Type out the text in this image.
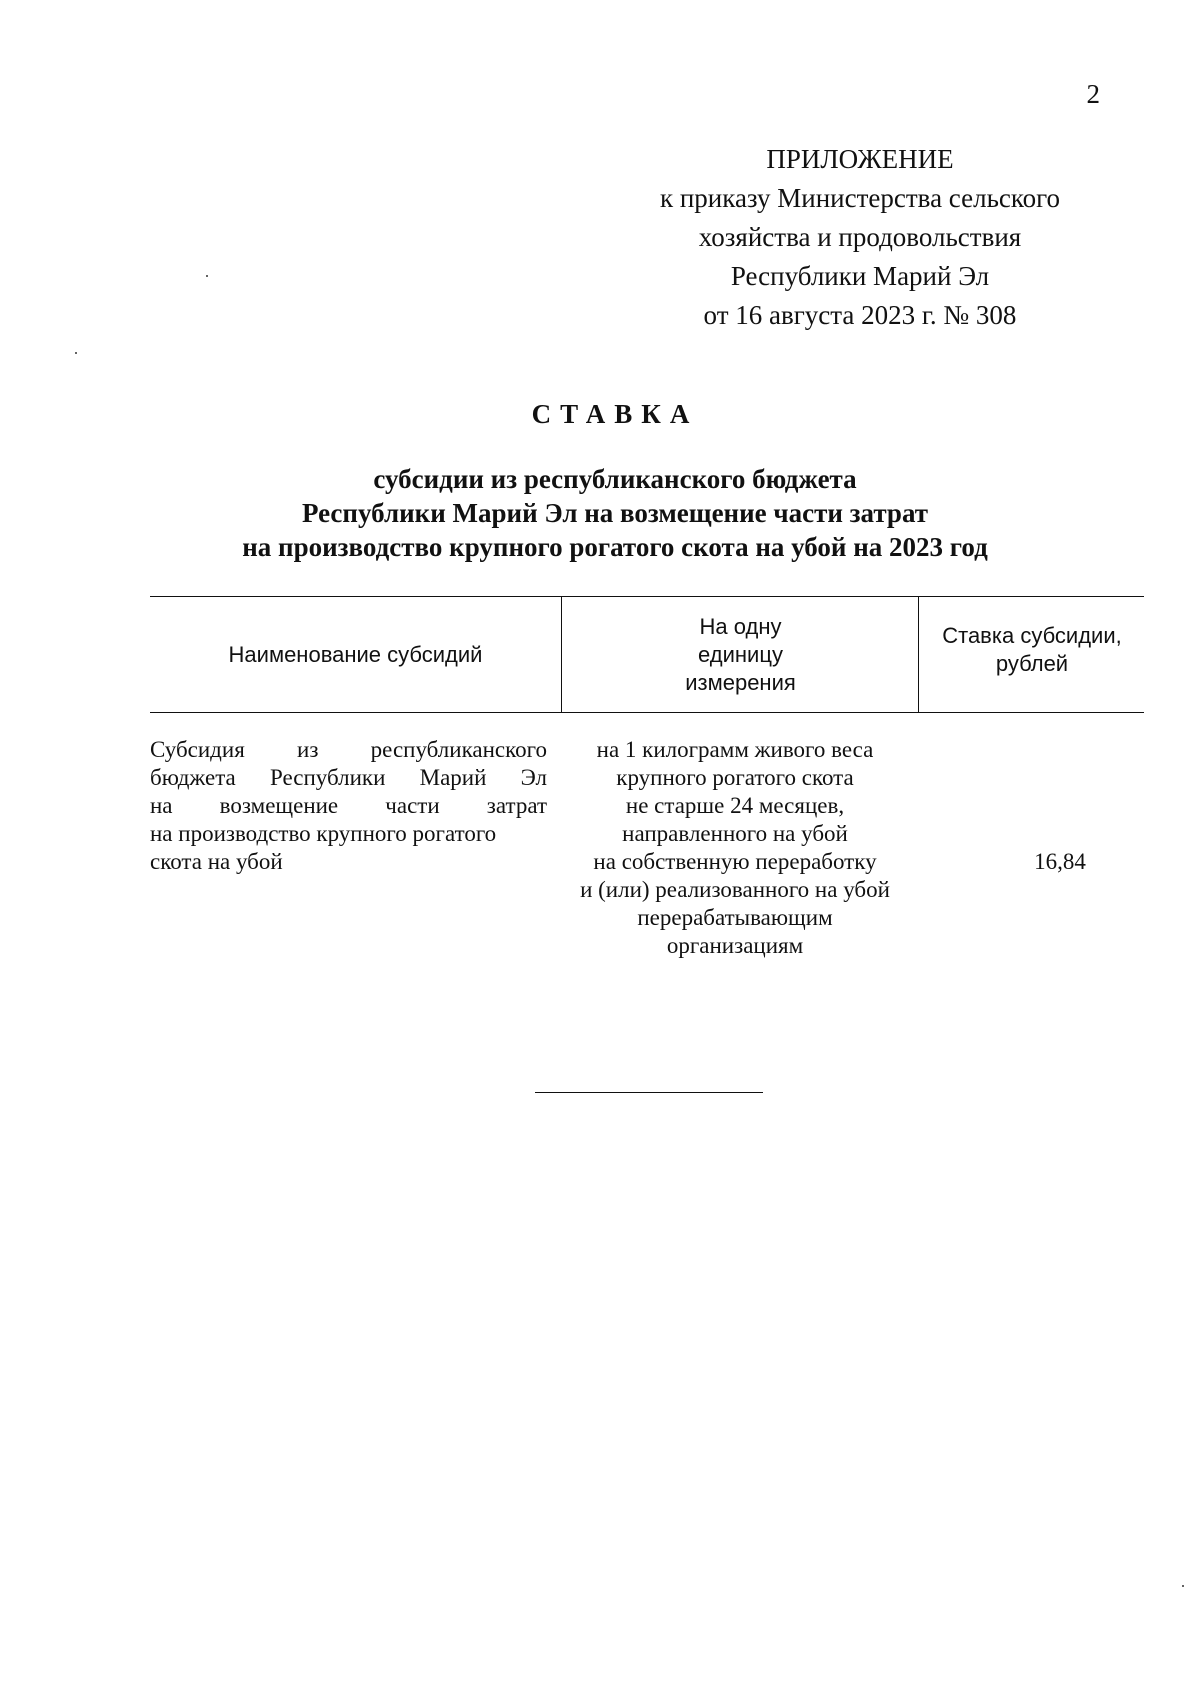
2
ПРИЛОЖЕНИЕ
к приказу Министерства сельского
хозяйства и продовольствия
Республики Марий Эл
от 16 августа 2023 г. № 308
СТАВКА
субсидии из республиканского бюджета
Республики Марий Эл на возмещение части затрат
на производство крупного рогатого скота на убой на 2023 год
Наименование субсидий
На одну
единицу
измерения
Ставка субсидии,
рублей
Субсидия из республиканского
бюджета Республики Марий Эл
на возмещение части затрат
на производство крупного рогатого
скота на убой
на 1 килограмм живого веса
крупного рогатого скота
не старше 24 месяцев,
направленного на убой
на собственную переработку
и (или) реализованного на убой
перерабатывающим
организациям
16,84
